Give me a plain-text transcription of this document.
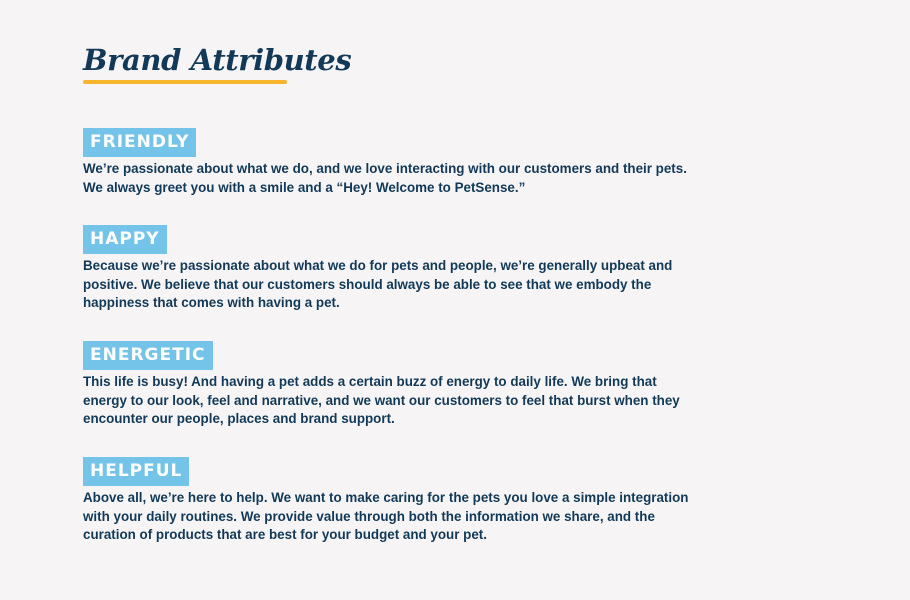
Brand Attributes
FRIENDLY
We’re passionate about what we do, and we love interacting with our customers and their pets.
We always greet you with a smile and a “Hey! Welcome to PetSense.”
HAPPY
Because we’re passionate about what we do for pets and people, we’re generally upbeat and
positive. We believe that our customers should always be able to see that we embody the
happiness that comes with having a pet.
ENERGETIC
This life is busy! And having a pet adds a certain buzz of energy to daily life. We bring that
energy to our look, feel and narrative, and we want our customers to feel that burst when they
encounter our people, places and brand support.
HELPFUL
Above all, we’re here to help. We want to make caring for the pets you love a simple integration
with your daily routines. We provide value through both the information we share, and the
curation of products that are best for your budget and your pet.
